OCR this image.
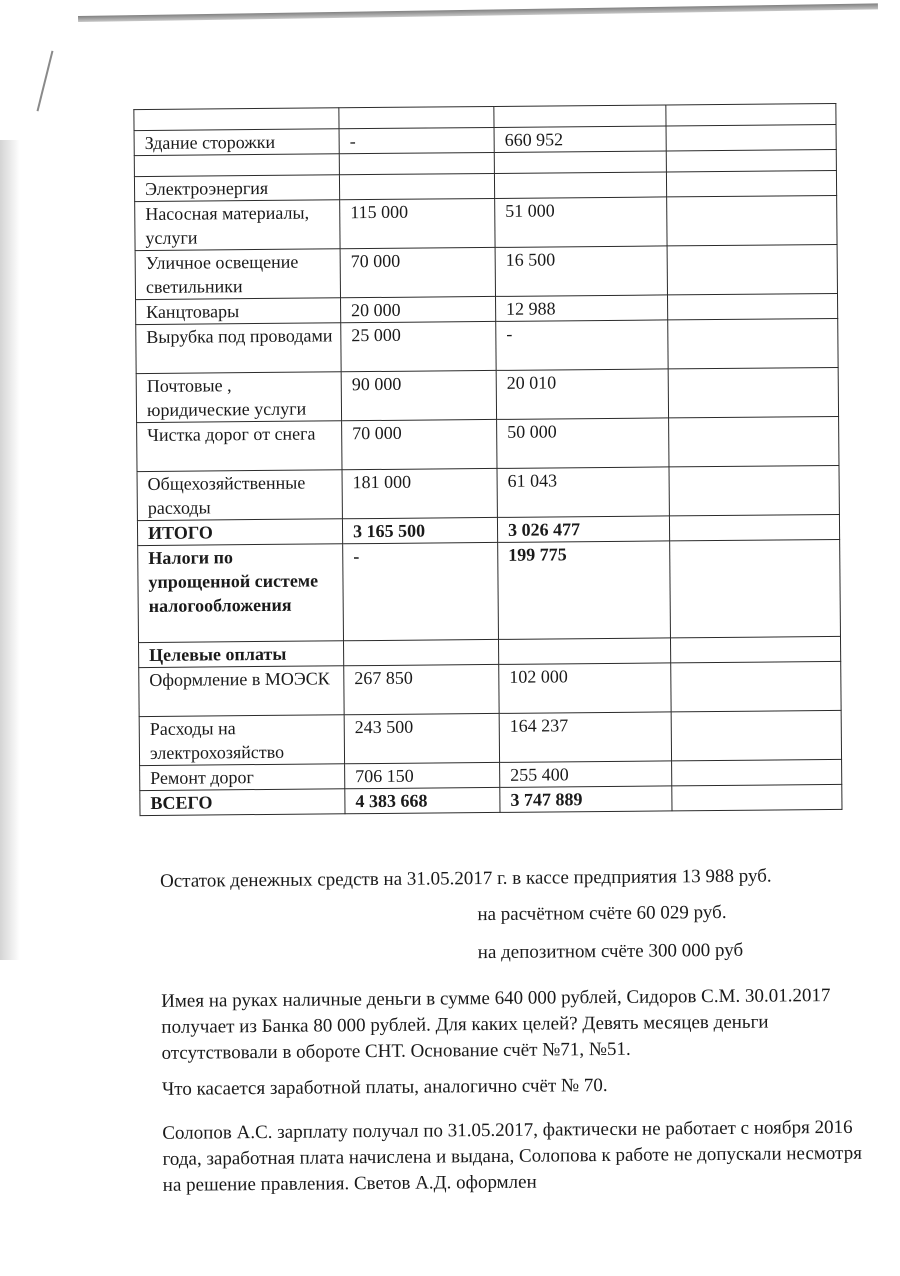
Здание сторожки	-	660 952	

Электроэнергия			
Насосная материалы, услуги	115 000	51 000	
Уличное освещение светильники	70 000	16 500	
Канцтовары	20 000	12 988	
Вырубка под проводами	25 000	-	
Почтовые , юридические услуги	90 000	20 010	
Чистка дорог от снега	70 000	50 000	
Общехозяйственные расходы	181 000	61 043	
ИТОГО	3 165 500	3 026 477	
Налоги по упрощенной системе налогообложения	-	199 775	
Целевые оплаты			
Оформление в МОЭСК	267 850	102 000	
Расходы на электрохозяйство	243 500	164 237	
Ремонт дорог	706 150	255 400	
ВСЕГО	4 383 668	3 747 889	
Остаток денежных средств на 31.05.2017 г. в кассе предприятия 13 988 руб.
на расчётном счёте 60 029 руб.
на депозитном счёте 300 000 руб
Имея на руках наличные деньги в сумме 640 000 рублей, Сидоров С.М. 30.01.2017 получает из Банка 80 000 рублей. Для каких целей? Девять месяцев деньги отсутствовали в обороте СНТ. Основание счёт №71, №51.
Что касается заработной платы, аналогично счёт № 70.
Солопов А.С. зарплату получал по 31.05.2017, фактически не работает с ноября 2016 года, заработная плата начислена и выдана, Солопова к работе не допускали несмотря на решение правления. Светов А.Д. оформлен
